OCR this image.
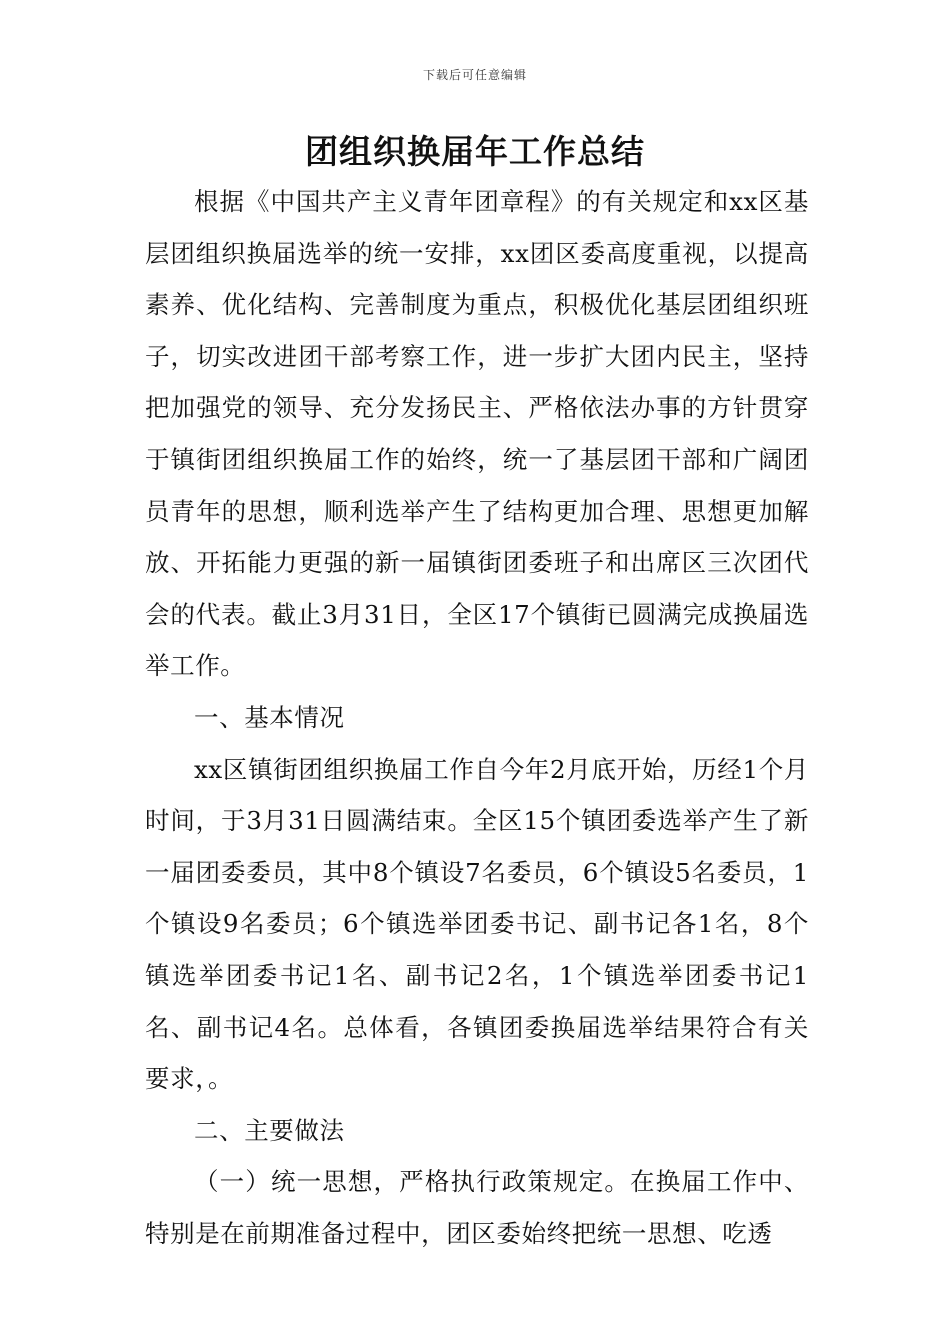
下载后可任意编辑
团组织换届年工作总结

根据《中国共产主义青年团章程》的有关规定和xx区基层团组织换届选举的统一安排，xx团区委高度重视，以提高素养、优化结构、完善制度为重点，积极优化基层团组织班子，切实改进团干部考察工作，进一步扩大团内民主，坚持把加强党的领导、充分发扬民主、严格依法办事的方针贯穿于镇街团组织换届工作的始终，统一了基层团干部和广阔团员青年的思想，顺利选举产生了结构更加合理、思想更加解放、开拓能力更强的新一届镇街团委班子和出席区三次团代会的代表。截止3月31日，全区17个镇街已圆满完成换届选举工作。

一、基本情况

xx区镇街团组织换届工作自今年2月底开始，历经1个月时间，于3月31日圆满结束。全区15个镇团委选举产生了新一届团委委员，其中8个镇设7名委员，6个镇设5名委员，1个镇设9名委员；6个镇选举团委书记、副书记各1名，8个镇选举团委书记1名、副书记2名，1个镇选举团委书记1名、副书记4名。总体看，各镇团委换届选举结果符合有关要求，。

二、主要做法

（一）统一思想，严格执行政策规定。在换届工作中、特别是在前期准备过程中，团区委始终把统一思想、吃透
